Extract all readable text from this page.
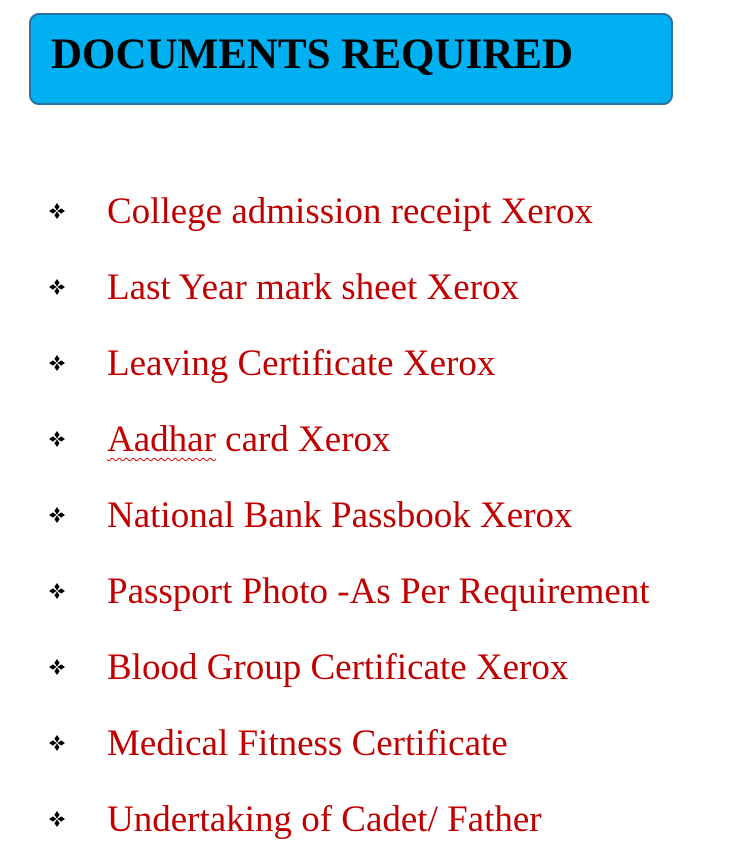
DOCUMENTS REQUIRED
College admission receipt Xerox
Last Year mark sheet Xerox
Leaving Certificate Xerox
Aadhar card Xerox
National Bank Passbook Xerox
Passport Photo -As Per Requirement
Blood Group Certificate Xerox
Medical Fitness Certificate
Undertaking of Cadet/ Father
